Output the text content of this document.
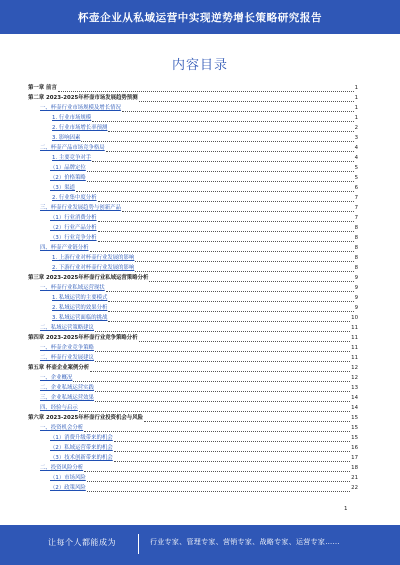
杯壶企业从私域运营中实现逆势增长策略研究报告
内容目录
第一章 前言	1
第二章 2023-2025年杯壶市场发展趋势预测	1
一、杯壶行业市场规模及增长情况	1
1. 行业市场规模	1
2. 行业市场增长率预测	2
3. 影响因素	3
二、杯壶产品市场竞争格局	4
1. 主要竞争对手	4
（1）品牌定位	5
（2）价格策略	5
（3）渠道	6
2. 行业集中度分析	7
三、杯壶行业发展趋势与创新产品	7
（1）行业消费分析	7
（2）行业产品分析	8
（3）行业竞争分析	8
四、杯壶产业链分析	8
1. 上游行业对杯壶行业发展的影响	8
2. 下游行业对杯壶行业发展的影响	8
第三章 2023-2025年杯壶行业私域运营策略分析	9
一、杯壶行业私域运营现状	9
1. 私域运营的主要模式	9
2. 私域运营的效果分析	9
3. 私域运营面临的挑战	10
二、私域运营策略建议	11
第四章 2023-2025年杯壶行业竞争策略分析	11
一、杯壶企业竞争策略	11
二、杯壶行业发展建议	11
第五章 杯壶企业案例分析	12
一、企业概况	12
二、企业私域运营实践	13
三、企业私域运营效果	14
四、经验与启示	14
第六章 2023-2025年杯壶行业投资机会与风险	15
一、投资机会分析	15
（1）消费升级带来的机会	15
（2）私域运营带来的机会	16
（3）技术创新带来的机会	17
二、投资风险分析	18
（1）市场风险	21
（2）政策风险	22
1
让每个人都能成为	行业专家、管理专家、营销专家、战略专家、运营专家……
